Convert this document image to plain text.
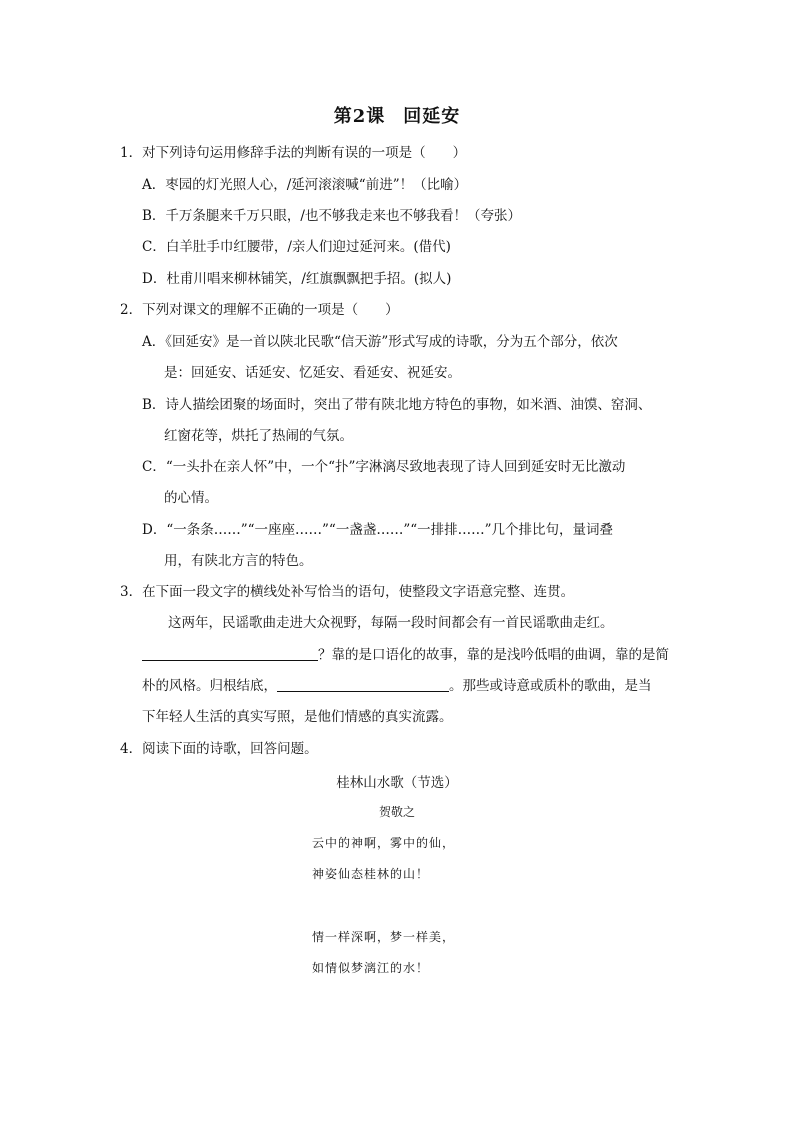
第2课 回延安
1．对下列诗句运用修辞手法的判断有误的一项是（　　）
A．枣园的灯光照人心，/延河滚滚喊“前进”！（比喻）
B．千万条腿来千万只眼，/也不够我走来也不够我看！（夸张）
C．白羊肚手巾红腰带，/亲人们迎过延河来。(借代)
D．杜甫川唱来柳林铺笑，/红旗飘飘把手招。(拟人)
2．下列对课文的理解不正确的一项是（　　）
A．《回延安》是一首以陕北民歌“信天游”形式写成的诗歌，分为五个部分，依次
是：回延安、话延安、忆延安、看延安、祝延安。
B．诗人描绘团聚的场面时，突出了带有陕北地方特色的事物，如米酒、油馍、窑洞、
红窗花等，烘托了热闹的气氛。
C．“一头扑在亲人怀”中，一个“扑”字淋漓尽致地表现了诗人回到延安时无比激动
的心情。
D．“一条条……”“一座座……”“一盏盏……”“一排排……”几个排比句，量词叠
用，有陕北方言的特色。
3．在下面一段文字的横线处补写恰当的语句，使整段文字语意完整、连贯。
这两年，民谣歌曲走进大众视野，每隔一段时间都会有一首民谣歌曲走红。
？靠的是口语化的故事，靠的是浅吟低唱的曲调，靠的是简
朴的风格。归根结底，	。那些或诗意或质朴的歌曲，是当
下年轻人生活的真实写照，是他们情感的真实流露。
4．阅读下面的诗歌，回答问题。
桂林山水歌（节选）
贺敬之
云中的神啊，雾中的仙，
神姿仙态桂林的山！
情一样深啊，梦一样美，
如情似梦漓江的水！
